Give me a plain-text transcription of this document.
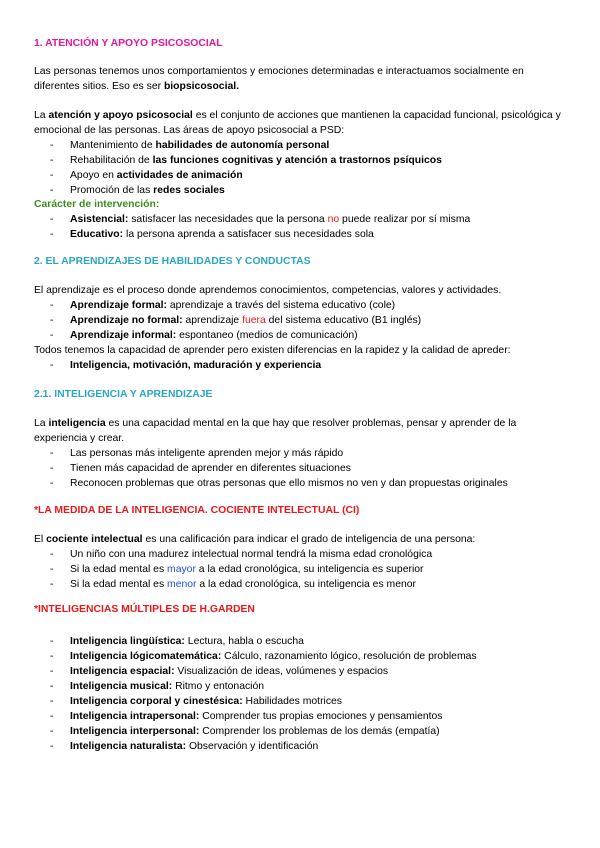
1. ATENCIÓN Y APOYO PSICOSOCIAL
Las personas tenemos unos comportamientos y emociones determinadas e interactuamos socialmente en diferentes sitios. Eso es ser biopsicosocial.
La atención y apoyo psicosocial es el conjunto de acciones que mantienen la capacidad funcional, psicológica y emocional de las personas. Las áreas de apoyo psicosocial a PSD:
- Mantenimiento de habilidades de autonomía personal
- Rehabilitación de las funciones cognitivas y atención a trastornos psíquicos
- Apoyo en actividades de animación
- Promoción de las redes sociales
Carácter de intervención:
- Asistencial: satisfacer las necesidades que la persona no puede realizar por sí misma
- Educativo: la persona aprenda a satisfacer sus necesidades sola
2. EL APRENDIZAJES DE HABILIDADES Y CONDUCTAS
El aprendizaje es el proceso donde aprendemos conocimientos, competencias, valores y actividades.
- Aprendizaje formal: aprendizaje a través del sistema educativo (cole)
- Aprendizaje no formal: aprendizaje fuera del sistema educativo (B1 inglés)
- Aprendizaje informal: espontaneo (medios de comunicación)
Todos tenemos la capacidad de aprender pero existen diferencias en la rapidez y la calidad de apreder:
- Inteligencia, motivación, maduración y experiencia
2.1. INTELIGENCIA Y APRENDIZAJE
La inteligencia es una capacidad mental en la que hay que resolver problemas, pensar y aprender de la experiencia y crear.
- Las personas más inteligente aprenden mejor y más rápido
- Tienen más capacidad de aprender en diferentes situaciones
- Reconocen problemas que otras personas que ello mismos no ven y dan propuestas originales
*LA MEDIDA DE LA INTELIGENCIA. COCIENTE INTELECTUAL (CI)
El cociente intelectual es una calificación para indicar el grado de inteligencia de una persona:
- Un niño con una madurez intelectual normal tendrá la misma edad cronológica
- Si la edad mental es mayor a la edad cronológica, su inteligencia es superior
- Si la edad mental es menor a la edad cronológica, su inteligencia es menor
*INTELIGENCIAS MÚLTIPLES DE H.GARDEN
- Inteligencia lingüística: Lectura, habla o escucha
- Inteligencia lógicomatemática: Cálculo, razonamiento lógico, resolución de problemas
- Inteligencia espacial: Visualización de ideas, volúmenes y espacios
- Inteligencia musical: Ritmo y entonación
- Inteligencia corporal y cinestésica: Habilidades motrices
- Inteligencia intrapersonal: Comprender tus propias emociones y pensamientos
- Inteligencia interpersonal: Comprender los problemas de los demás (empatía)
- Inteligencia naturalista: Observación y identificación
